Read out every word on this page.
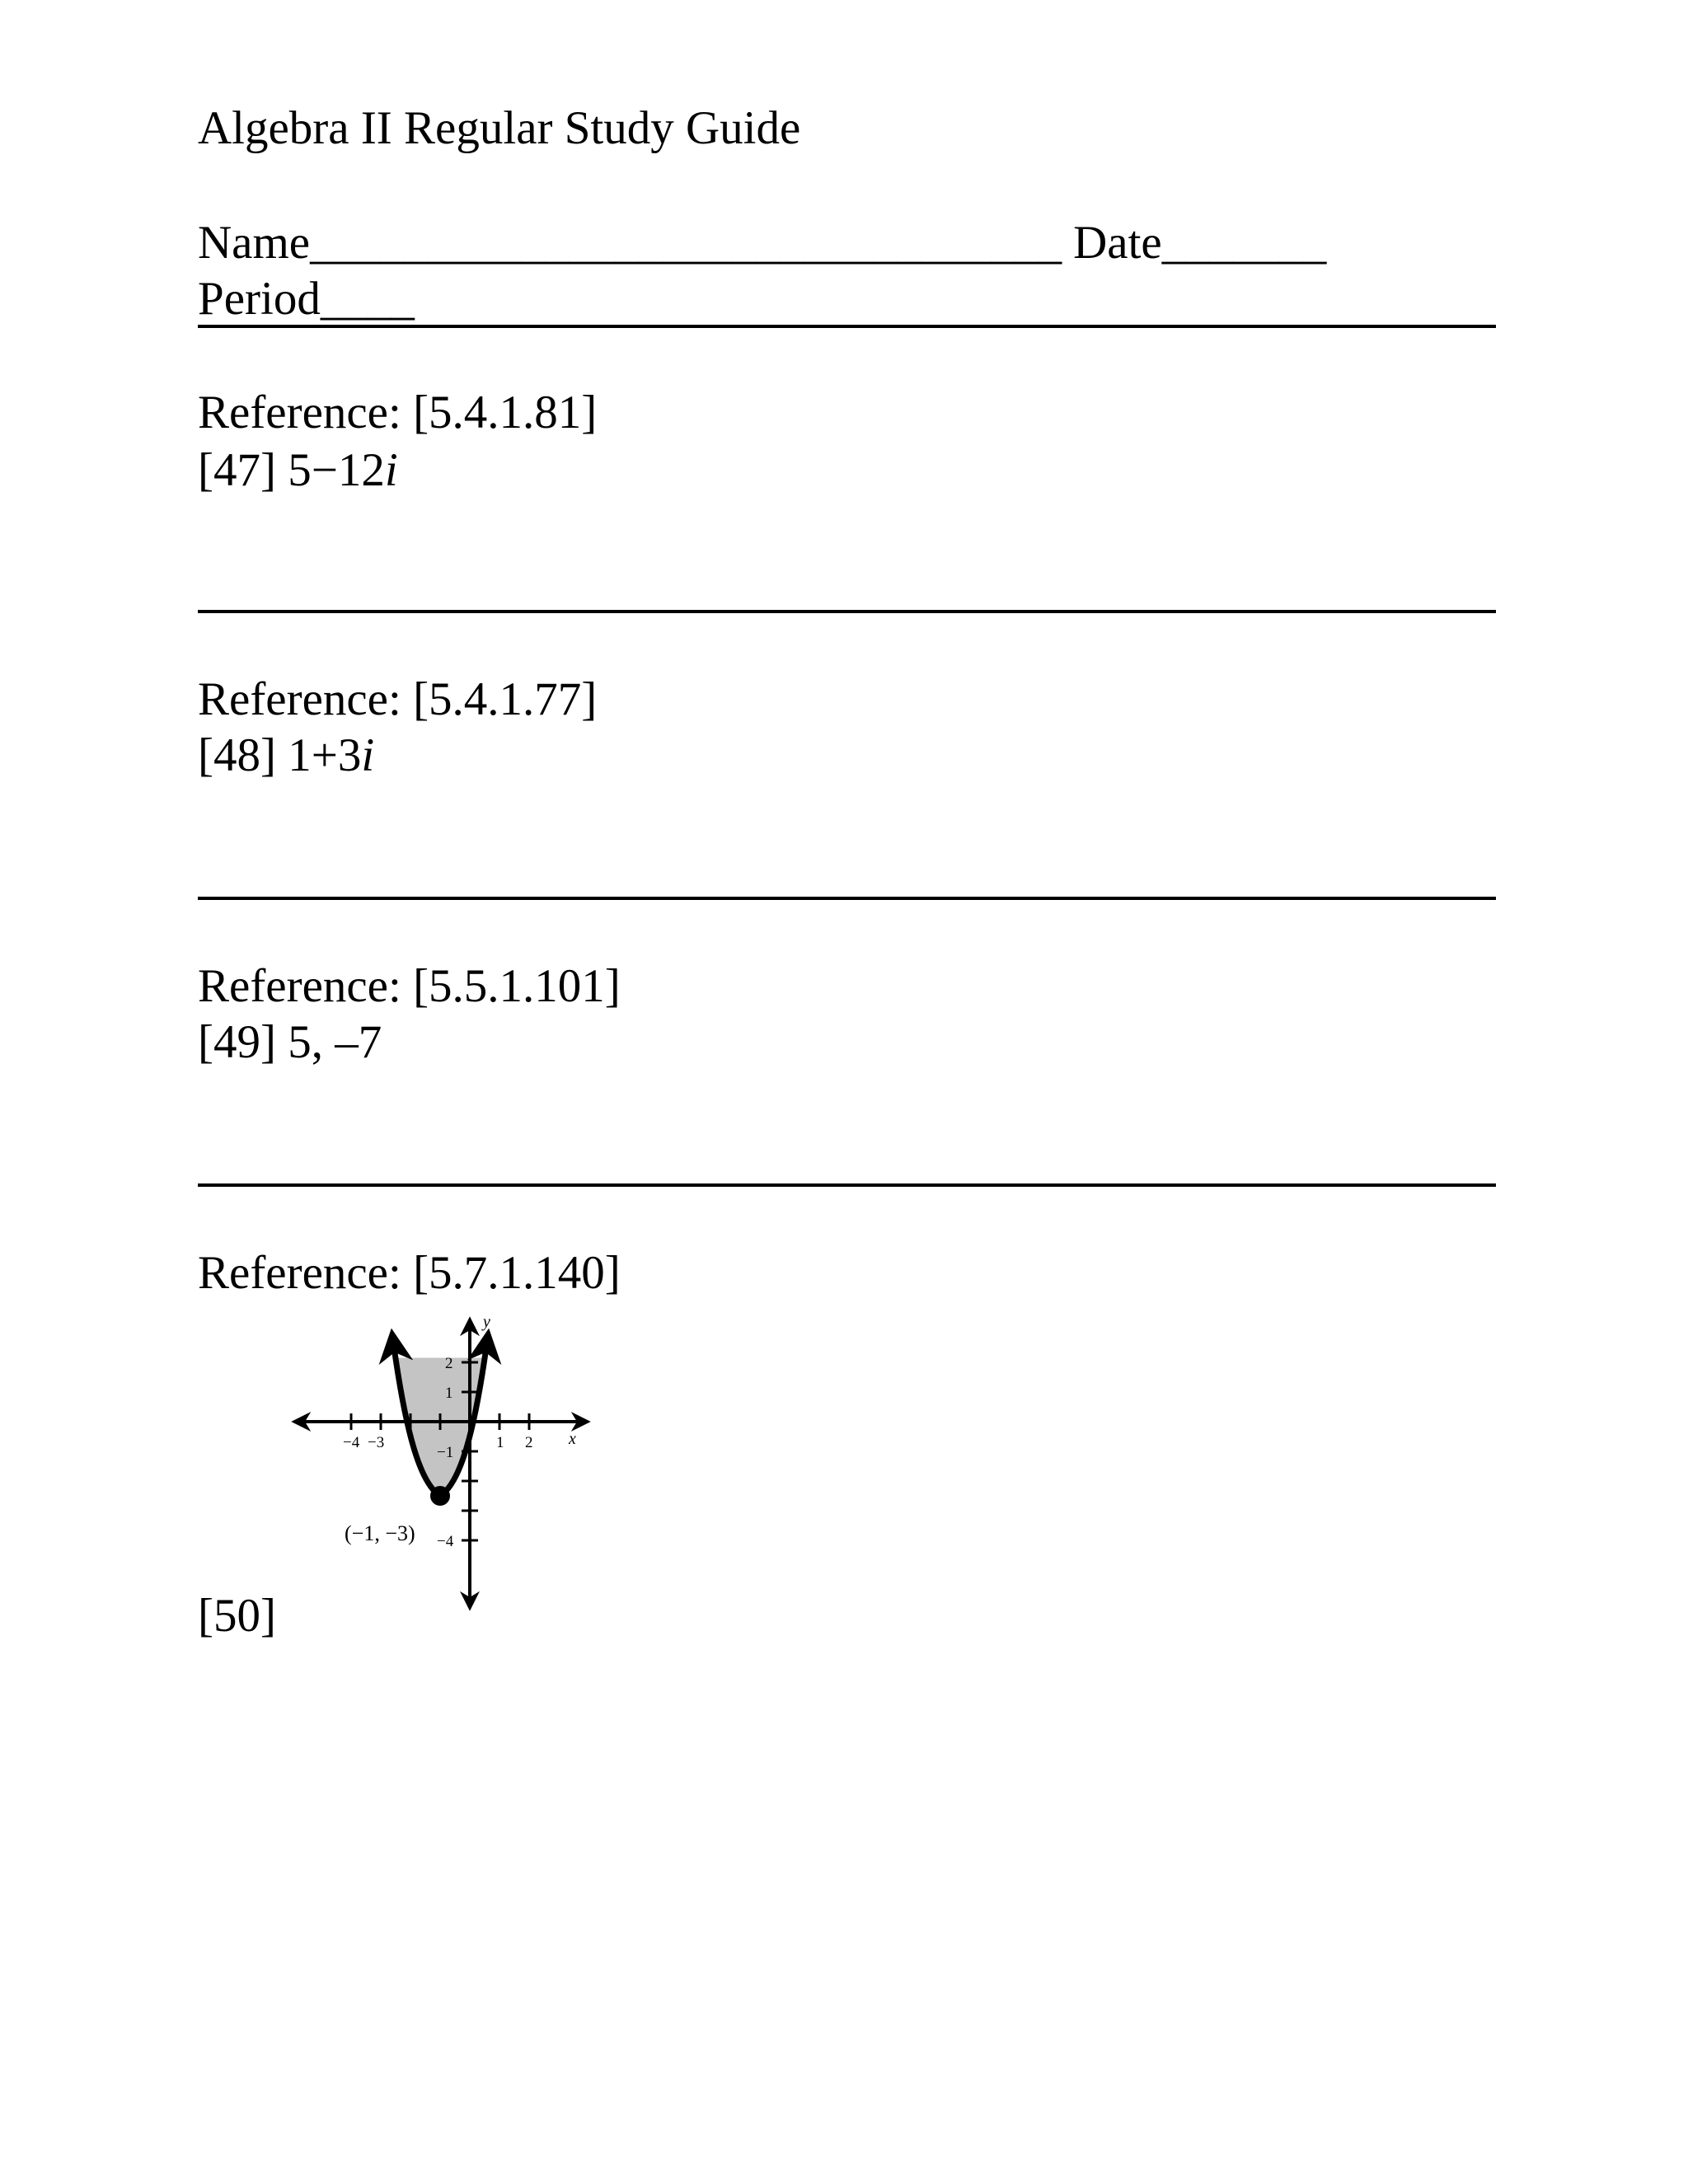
Algebra II Regular Study Guide
Name________________________________ Date_______
Period____
Reference: [5.4.1.81]
[47] 5−12i
Reference: [5.4.1.77]
[48] 1+3i
Reference: [5.5.1.101]
[49] 5, –7
Reference: [5.7.1.140]
[50]
y
x
−4 −3	1 2
2
1
−1
−4
(−1, −3)
